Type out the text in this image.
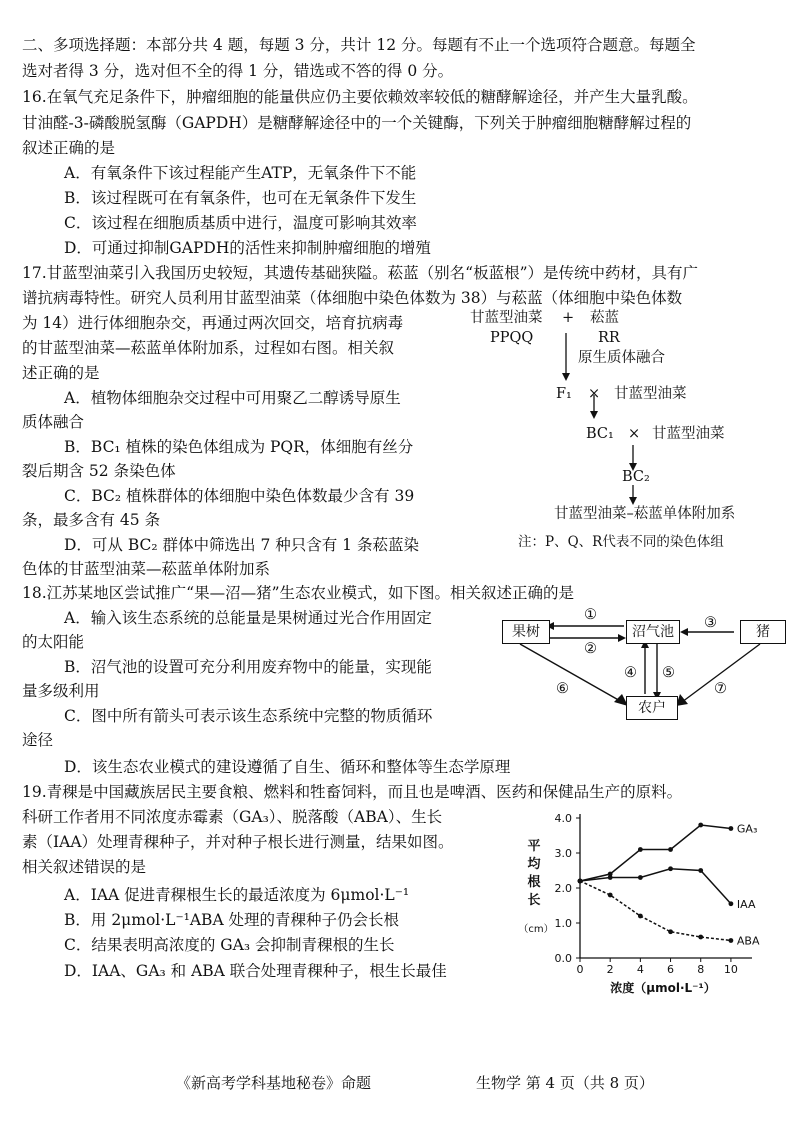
二、多项选择题：本部分共 4 题，每题 3 分，共计 12 分。每题有不止一个选项符合题意。每题全
选对者得 3 分，选对但不全的得 1 分，错选或不答的得 0 分。
16.在氧气充足条件下，肿瘤细胞的能量供应仍主要依赖效率较低的糖酵解途径，并产生大量乳酸。
甘油醛-3-磷酸脱氢酶（GAPDH）是糖酵解途径中的一个关键酶，下列关于肿瘤细胞糖酵解过程的
叙述正确的是
A．有氧条件下该过程能产生ATP，无氧条件下不能
B．该过程既可在有氧条件，也可在无氧条件下发生
C．该过程在细胞质基质中进行，温度可影响其效率
D．可通过抑制GAPDH的活性来抑制肿瘤细胞的增殖
17.甘蓝型油菜引入我国历史较短，其遗传基础狭隘。菘蓝（别名“板蓝根”）是传统中药材，具有广
谱抗病毒特性。研究人员利用甘蓝型油菜（体细胞中染色体数为 38）与菘蓝（体细胞中染色体数
为 14）进行体细胞杂交，再通过两次回交，培育抗病毒
的甘蓝型油菜—菘蓝单体附加系，过程如右图。相关叙
述正确的是
A．植物体细胞杂交过程中可用聚乙二醇诱导原生
质体融合
B．BC₁ 植株的染色体组成为 PQR，体细胞有丝分
裂后期含 52 条染色体
C．BC₂ 植株群体的体细胞中染色体数最少含有 39
条，最多含有 45 条
D．可从 BC₂ 群体中筛选出 7 种只含有 1 条菘蓝染
色体的甘蓝型油菜—菘蓝单体附加系
甘蓝型油菜
PPQQ
+ 菘蓝
RR
原生质体融合
F₁ × 甘蓝型油菜
BC₁ × 甘蓝型油菜
BC₂
甘蓝型油菜–菘蓝单体附加系
注：P、Q、R代表不同的染色体组
18.江苏某地区尝试推广“果—沼—猪”生态农业模式，如下图。相关叙述正确的是
A．输入该生态系统的总能量是果树通过光合作用固定
的太阳能
B．沼气池的设置可充分利用废弃物中的能量，实现能
量多级利用
C．图中所有箭头可表示该生态系统中完整的物质循环
途径
D．该生态农业模式的建设遵循了自生、循环和整体等生态学原理
果树	沼气池	猪
农户
①
②
③
④ ⑤
⑥	⑦
19.青稞是中国藏族居民主要食粮、燃料和牲畜饲料，而且也是啤酒、医药和保健品生产的原料。
科研工作者用不同浓度赤霉素（GA₃）、脱落酸（ABA）、生长
素（IAA）处理青稞种子，并对种子根长进行测量，结果如图。
相关叙述错误的是
A．IAA 促进青稞根生长的最适浓度为 6μmol·L⁻¹
B．用 2μmol·L⁻¹ABA 处理的青稞种子仍会长根
C．结果表明高浓度的 GA₃ 会抑制青稞根的生长
D．IAA、GA₃ 和 ABA 联合处理青稞种子，根生长最佳
0.0
1.0
2.0
3.0
4.0
0 2 4 6 8 10
平
均
根
长
（cm）
浓度（μmol·L⁻¹）
GA₃
IAA
ABA
《新高考学科基地秘卷》命题	生物学 第 4 页（共 8 页）
